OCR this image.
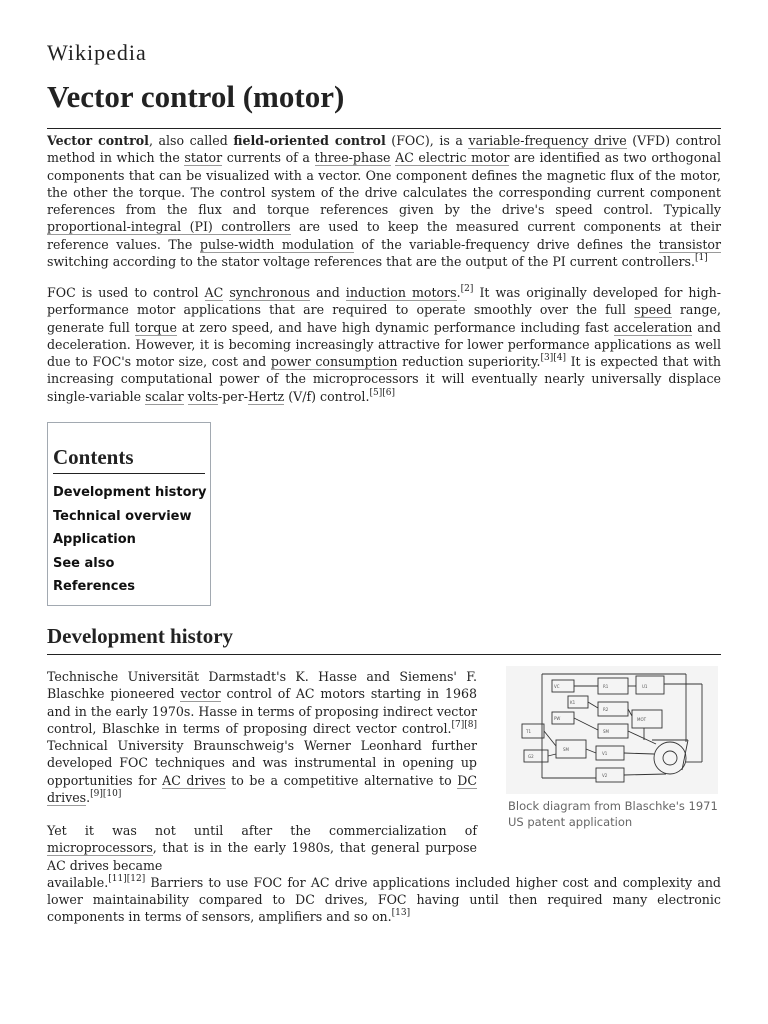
Wikipedia
Vector control (motor)

Vector control, also called field-oriented control (FOC), is a variable-frequency drive (VFD) control method in which the stator currents of a three-phase AC electric motor are identified as two orthogonal components that can be visualized with a vector. One component defines the magnetic flux of the motor, the other the torque. The control system of the drive calculates the corresponding current component references from the flux and torque references given by the drive's speed control. Typically proportional-integral (PI) controllers are used to keep the measured current components at their reference values. The pulse-width modulation of the variable-frequency drive defines the transistor switching according to the stator voltage references that are the output of the PI current controllers.[1]

FOC is used to control AC synchronous and induction motors.[2] It was originally developed for high-performance motor applications that are required to operate smoothly over the full speed range, generate full torque at zero speed, and have high dynamic performance including fast acceleration and deceleration. However, it is becoming increasingly attractive for lower performance applications as well due to FOC's motor size, cost and power consumption reduction superiority.[3][4] It is expected that with increasing computational power of the microprocessors it will eventually nearly universally displace single-variable scalar volts-per-Hertz (V/f) control.[5][6]

Contents
Development history
Technical overview
Application
See also
References
Development history

Technische Universität Darmstadt's K. Hasse and Siemens' F. Blaschke pioneered vector control of AC motors starting in 1968 and in the early 1970s. Hasse in terms of proposing indirect vector control, Blaschke in terms of proposing direct vector control.[7][8] Technical University Braunschweig's Werner Leonhard further developed FOC techniques and was instrumental in opening up opportunities for AC drives to be a competitive alternative to DC drives.[9][10]

VC
K1
PW
R1	U1
R2
SM
SM
V1
V2
T1
G2
MOT
Block diagram from Blaschke's 1971 US patent application

Yet it was not until after the commercialization of microprocessors, that is in the early 1980s, that general purpose AC drives became
available.[11][12] Barriers to use FOC for AC drive applications included higher cost and complexity and lower maintainability compared to DC drives, FOC having until then required many electronic components in terms of sensors, amplifiers and so on.[13]
